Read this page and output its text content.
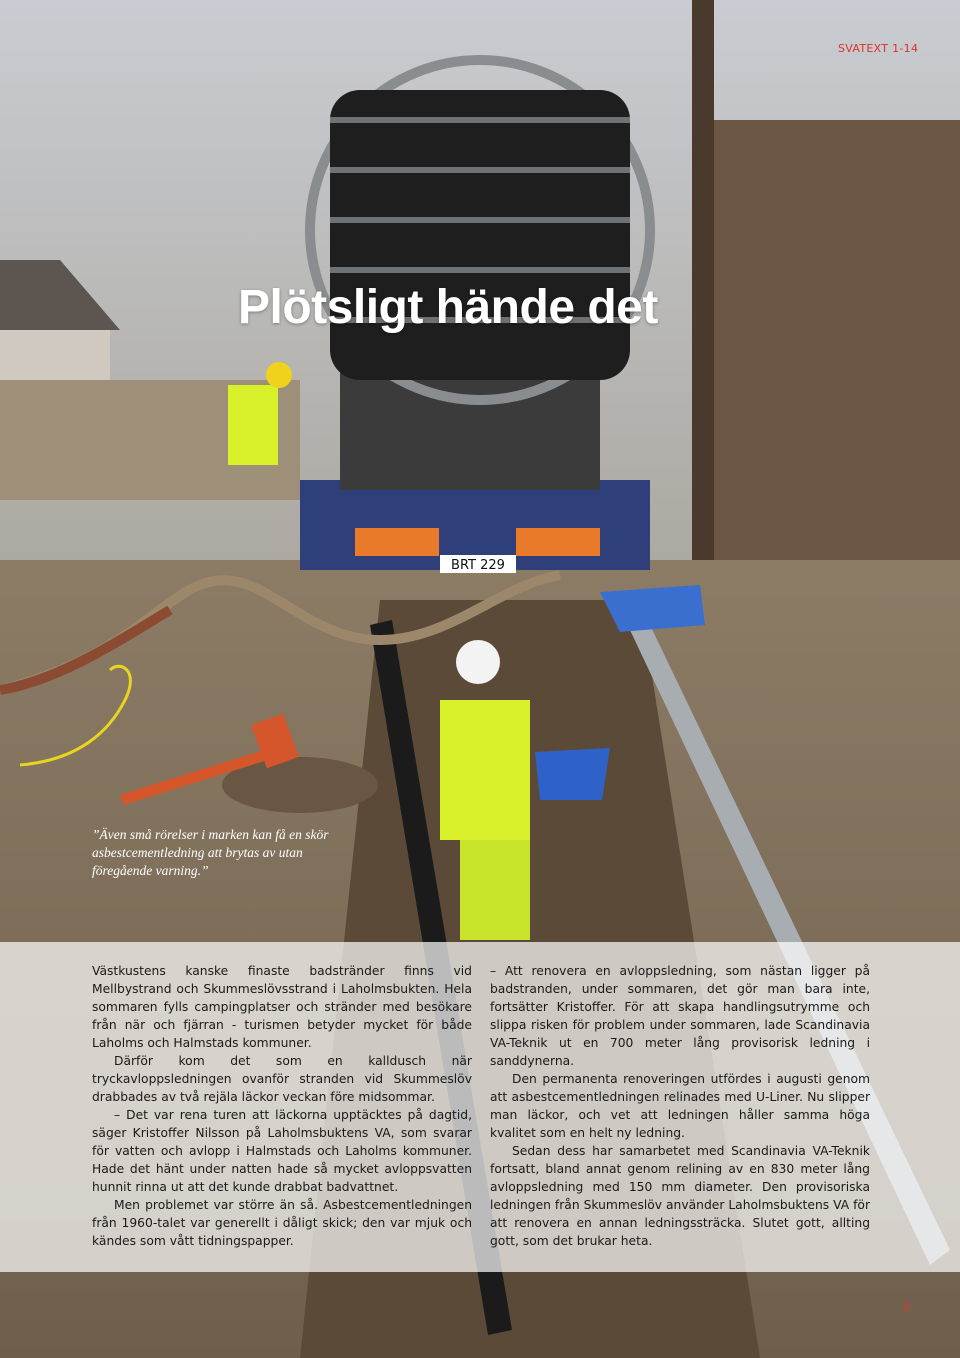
BRT 229
SVATEXT 1-14
Plötsligt hände det
”Även små rörelser i marken kan få en skör asbestcementledning att brytas av utan föregående varning.”

Västkustens kanske finaste badstränder finns vid Mellbystrand och Skummeslövsstrand i Laholmsbukten. Hela sommaren fylls campingplatser och stränder med besökare från när och fjärran - turismen betyder mycket för både Laholms och Halmstads kommuner.

Därför kom det som en kalldusch när tryckavloppsledningen ovanför stranden vid Skummeslöv drabbades av två rejäla läckor veckan före midsommar.

– Det var rena turen att läckorna upptäcktes på dagtid, säger Kristoffer Nilsson på Laholmsbuktens VA, som svarar för vatten och avlopp i Halmstads och Laholms kommuner. Hade det hänt under natten hade så mycket avloppsvatten hunnit rinna ut att det kunde drabbat badvattnet.

Men problemet var större än så. Asbestcementledningen från 1960-talet var generellt i dåligt skick; den var mjuk och kändes som vått tidningspapper.

– Att renovera en avloppsledning, som nästan ligger på badstranden, under sommaren, det gör man bara inte, fortsätter Kristoffer. För att skapa handlingsutrymme och slippa risken för problem under sommaren, lade Scandinavia VA-Teknik ut en 700 meter lång provisorisk ledning i sanddynerna.

Den permanenta renoveringen utfördes i augusti genom att asbestcementledningen relinades med U-Liner. Nu slipper man läckor, och vet att ledningen håller samma höga kvalitet som en helt ny ledning.

Sedan dess har samarbetet med Scandinavia VA-Teknik fortsatt, bland annat genom relining av en 830 meter lång avloppsledning med 150 mm diameter. Den provisoriska ledningen från Skummeslöv använder Laholmsbuktens VA för att renovera en annan ledningssträcka. Slutet gott, allting gott, som det brukar heta.

3
